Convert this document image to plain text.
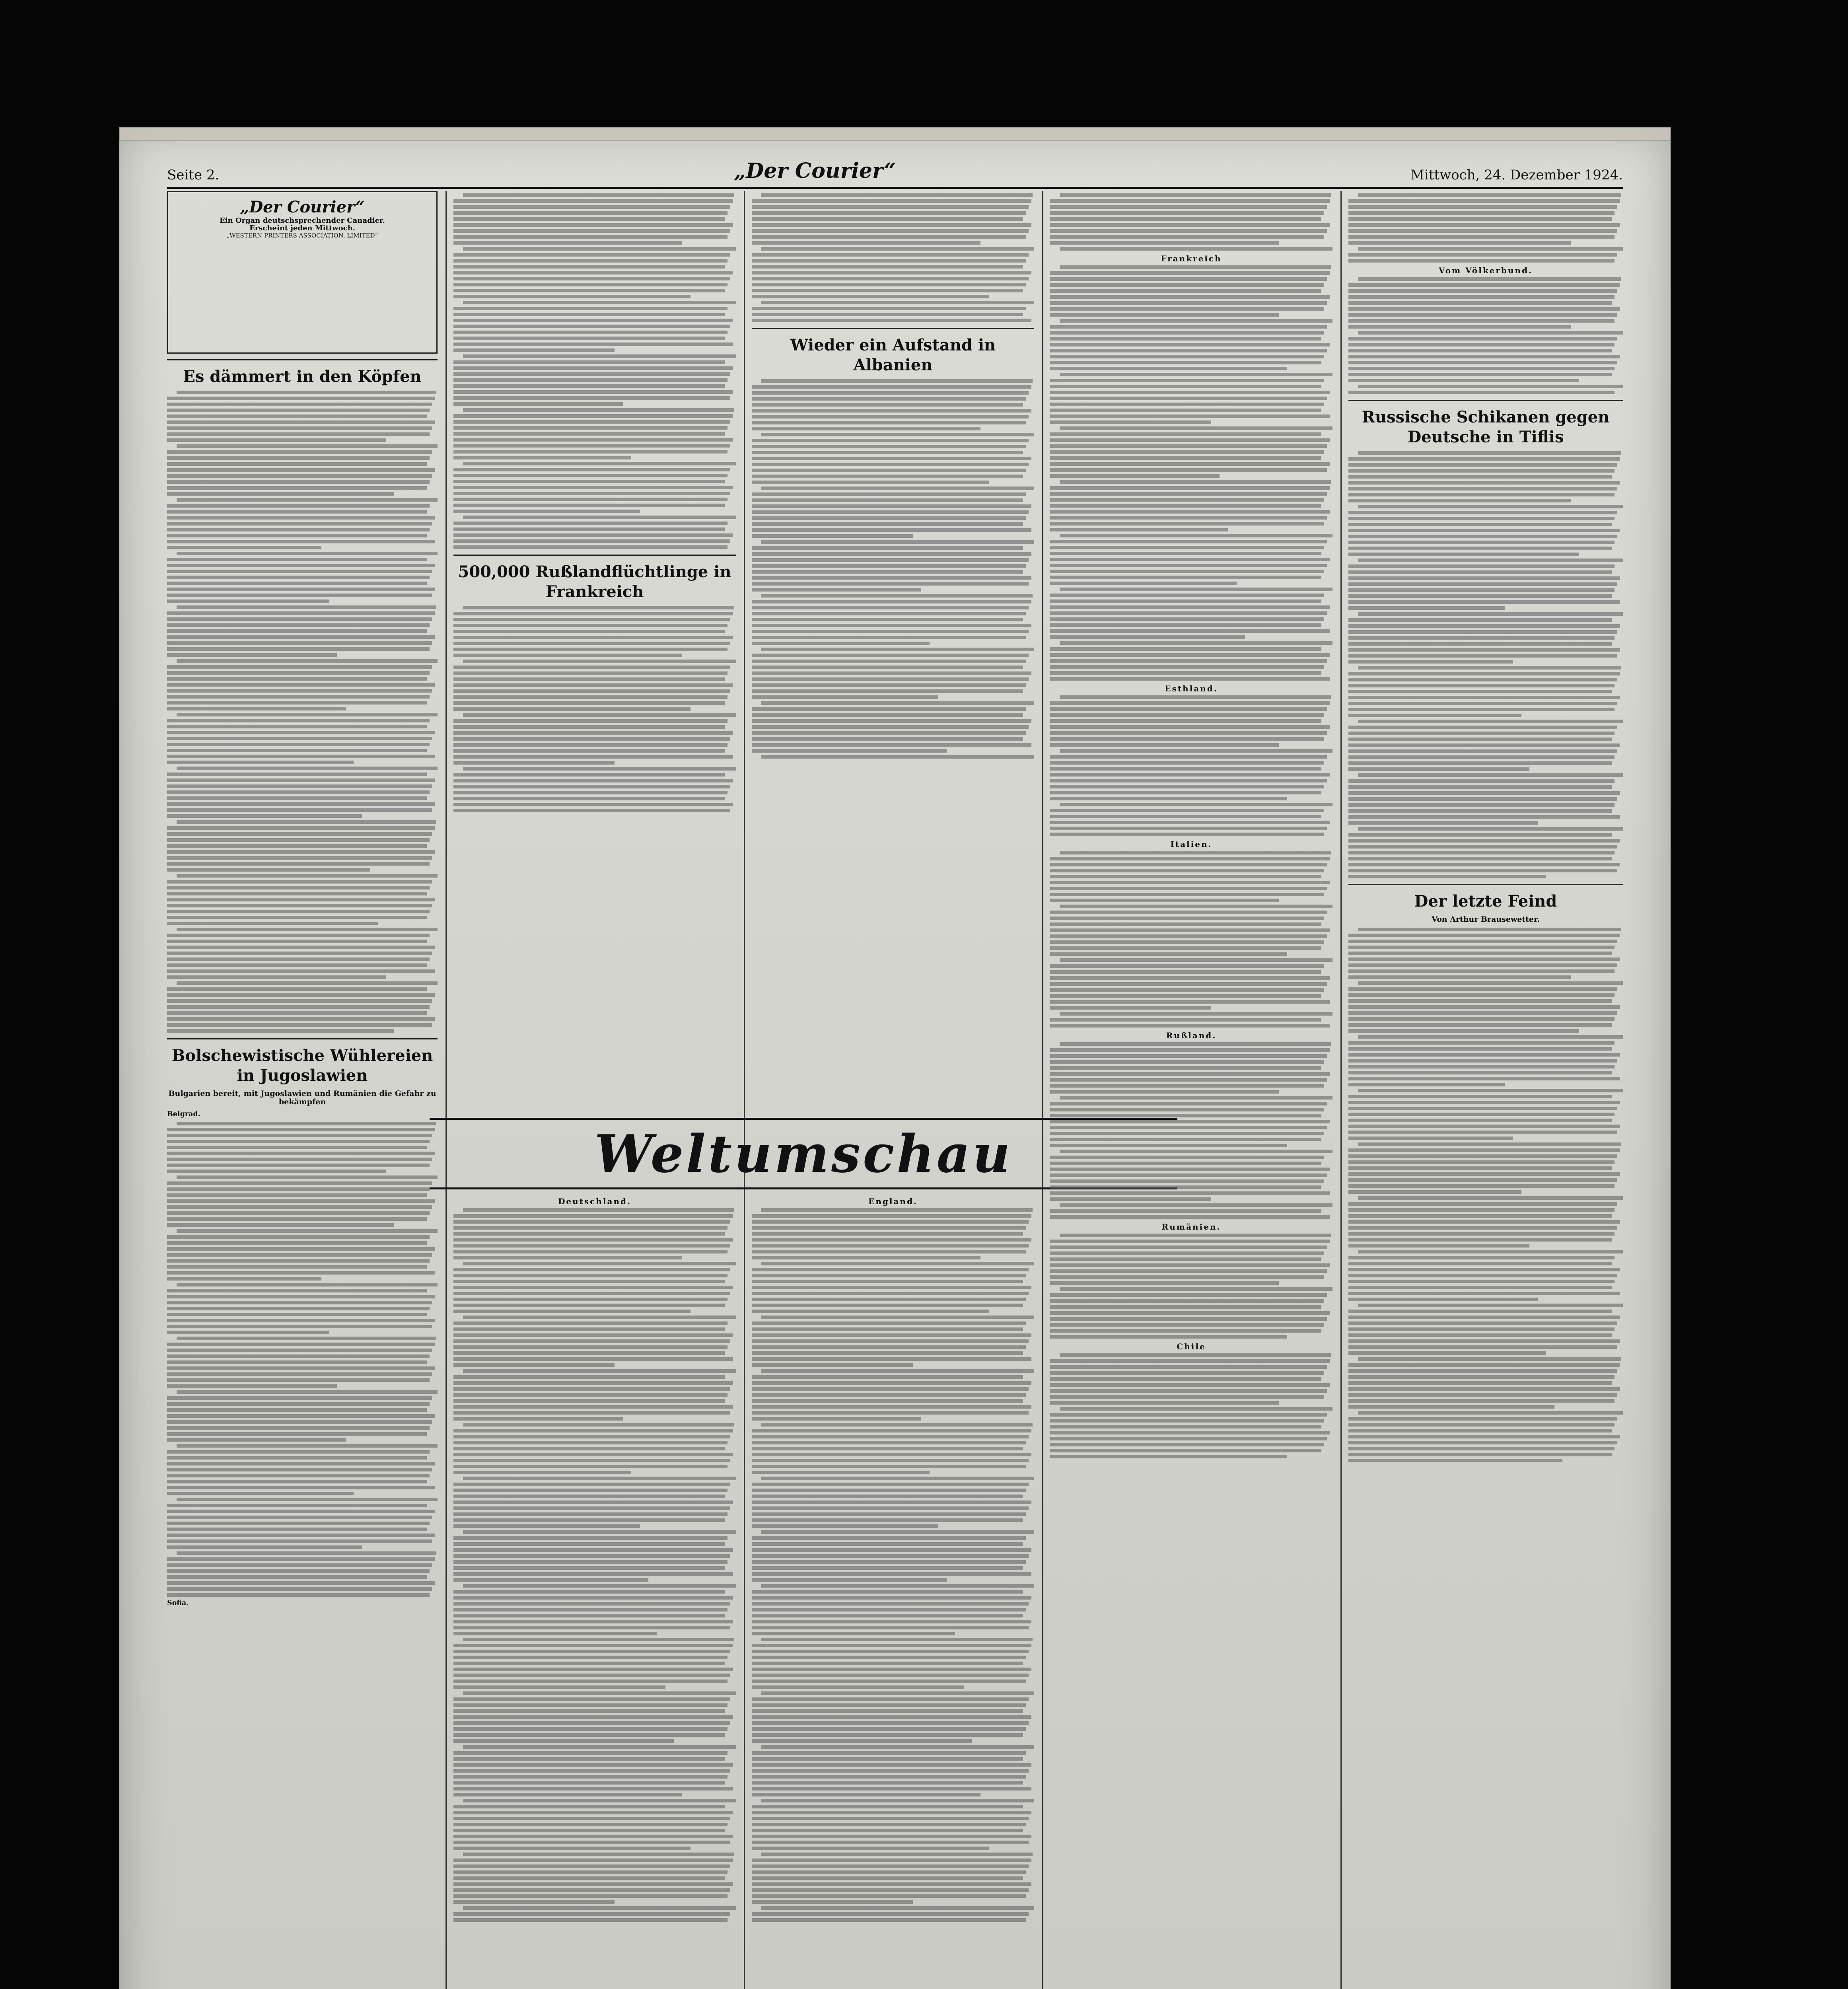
Seite 2.	„Der Courier“	Mittwoch, 24. Dezember 1924.
„Der Courier“
Ein Organ deutschsprechender Canadier.
Erscheint jeden Mittwoch.
„WESTERN PRINTERS ASSOCIATION, LIMITED“
Es dämmert in den Köpfen
Bolschewistische Wühlereien in Jugoslawien
Bulgarien bereit, mit Jugoslawien und Rumänien die Gefahr zu bekämpfen

Belgrad.

Sofia.

500,000 Rußlandflüchtlinge in Frankreich
Wieder ein Aufstand in Albanien
Weltumschau
Deutschland.	England.
Frankreich
Esthland.
Italien.
Rußland.
Rumänien.
Chile
Vom Völkerbund.
Russische Schikanen gegen Deutsche in Tiflis
Der letzte Feind
Von Arthur Brausewetter.
